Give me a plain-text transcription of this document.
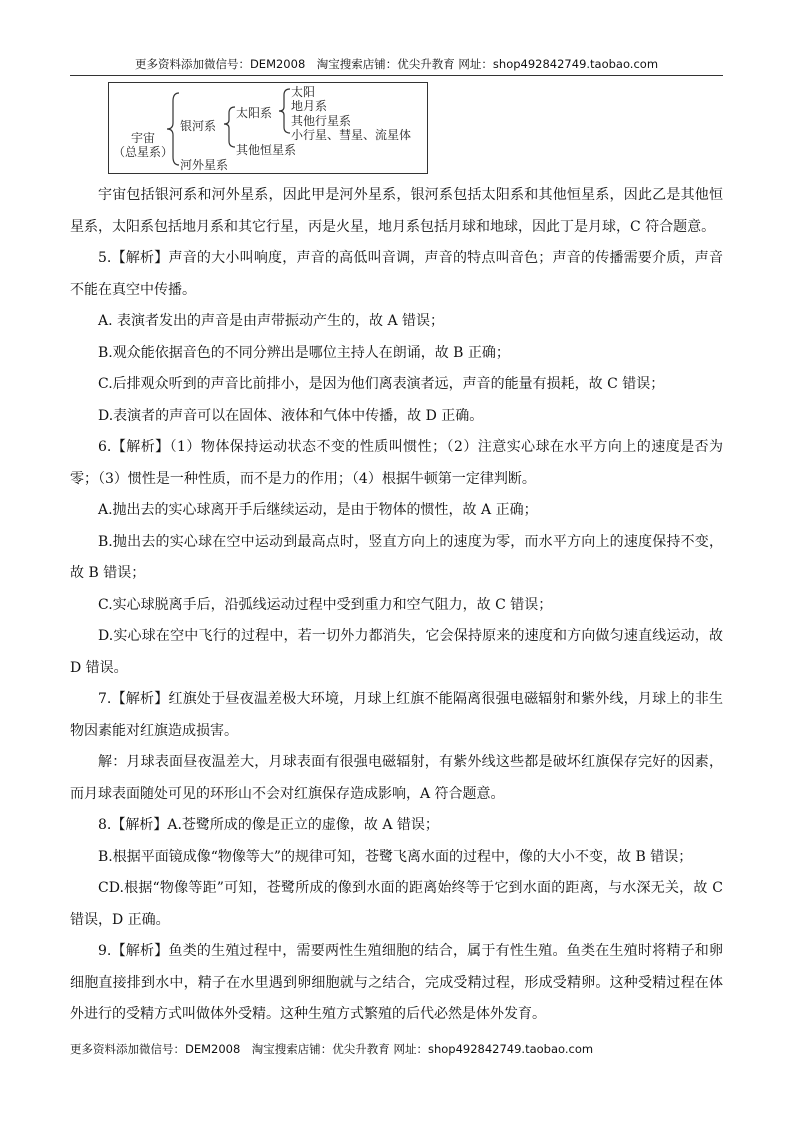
更多资料添加微信号：DEM2008　淘宝搜索店铺：优尖升教育 网址：shop492842749.taobao.com
宇宙
（总星系）
银河系
河外星系
太阳系
其他恒星系
太阳
地月系
其他行星系
小行星、彗星、流星体

宇宙包括银河系和河外星系，因此甲是河外星系，银河系包括太阳系和其他恒星系，因此乙是其他恒星系，太阳系包括地月系和其它行星，丙是火星，地月系包括月球和地球，因此丁是月球，C 符合题意。

5.【解析】声音的大小叫响度，声音的高低叫音调，声音的特点叫音色；声音的传播需要介质，声音不能在真空中传播。

A. 表演者发出的声音是由声带振动产生的，故 A 错误；

B.观众能依据音色的不同分辨出是哪位主持人在朗诵，故 B 正确；

C.后排观众听到的声音比前排小，是因为他们离表演者远，声音的能量有损耗，故 C 错误；

D.表演者的声音可以在固体、液体和气体中传播，故 D 正确。

6.【解析】（1）物体保持运动状态不变的性质叫惯性；（2）注意实心球在水平方向上的速度是否为零；（3）惯性是一种性质，而不是力的作用；（4）根据牛顿第一定律判断。

A.抛出去的实心球离开手后继续运动，是由于物体的惯性，故 A 正确；

B.抛出去的实心球在空中运动到最高点时，竖直方向上的速度为零，而水平方向上的速度保持不变，故 B 错误；

C.实心球脱离手后，沿弧线运动过程中受到重力和空气阻力，故 C 错误；

D.实心球在空中飞行的过程中，若一切外力都消失，它会保持原来的速度和方向做匀速直线运动，故 D 错误。

7.【解析】红旗处于昼夜温差极大环境，月球上红旗不能隔离很强电磁辐射和紫外线，月球上的非生物因素能对红旗造成损害。

解：月球表面昼夜温差大，月球表面有很强电磁辐射，有紫外线这些都是破坏红旗保存完好的因素，而月球表面随处可见的环形山不会对红旗保存造成影响，A 符合题意。

8.【解析】A.苍鹭所成的像是正立的虚像，故 A 错误；

B.根据平面镜成像“物像等大”的规律可知，苍鹭飞离水面的过程中，像的大小不变，故 B 错误；

CD.根据“物像等距”可知，苍鹭所成的像到水面的距离始终等于它到水面的距离，与水深无关，故 C 错误，D 正确。

9.【解析】鱼类的生殖过程中，需要两性生殖细胞的结合，属于有性生殖。鱼类在生殖时将精子和卵细胞直接排到水中，精子在水里遇到卵细胞就与之结合，完成受精过程，形成受精卵。这种受精过程在体外进行的受精方式叫做体外受精。这种生殖方式繁殖的后代必然是体外发育。

更多资料添加微信号：DEM2008　淘宝搜索店铺：优尖升教育 网址：shop492842749.taobao.com
